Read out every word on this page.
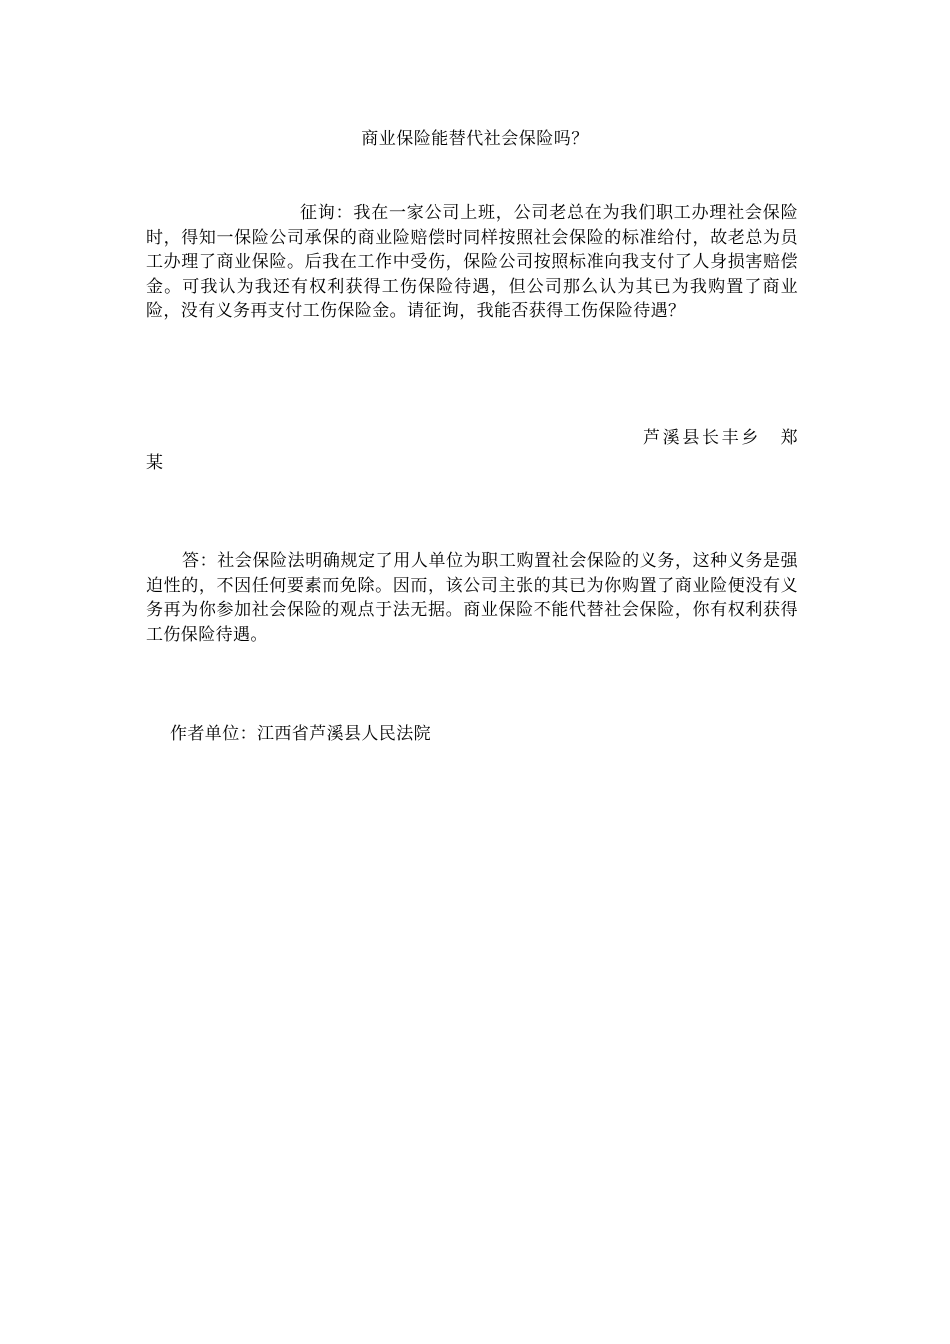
商业保险能替代社会保险吗？

征询：我在一家公司上班，公司老总在为我们职工办理社会保险时，得知一保险公司承保的商业险赔偿时同样按照社会保险的标准给付，故老总为员工办理了商业保险。后我在工作中受伤，保险公司按照标准向我支付了人身损害赔偿金。可我认为我还有权利获得工伤保险待遇，但公司那么认为其已为我购置了商业险，没有义务再支付工伤保险金。请征询，我能否获得工伤保险待遇？

芦溪县长丰乡　郑某

答：社会保险法明确规定了用人单位为职工购置社会保险的义务，这种义务是强迫性的，不因任何要素而免除。因而，该公司主张的其已为你购置了商业险便没有义务再为你参加社会保险的观点于法无据。商业保险不能代替社会保险，你有权利获得工伤保险待遇。

作者单位：江西省芦溪县人民法院
